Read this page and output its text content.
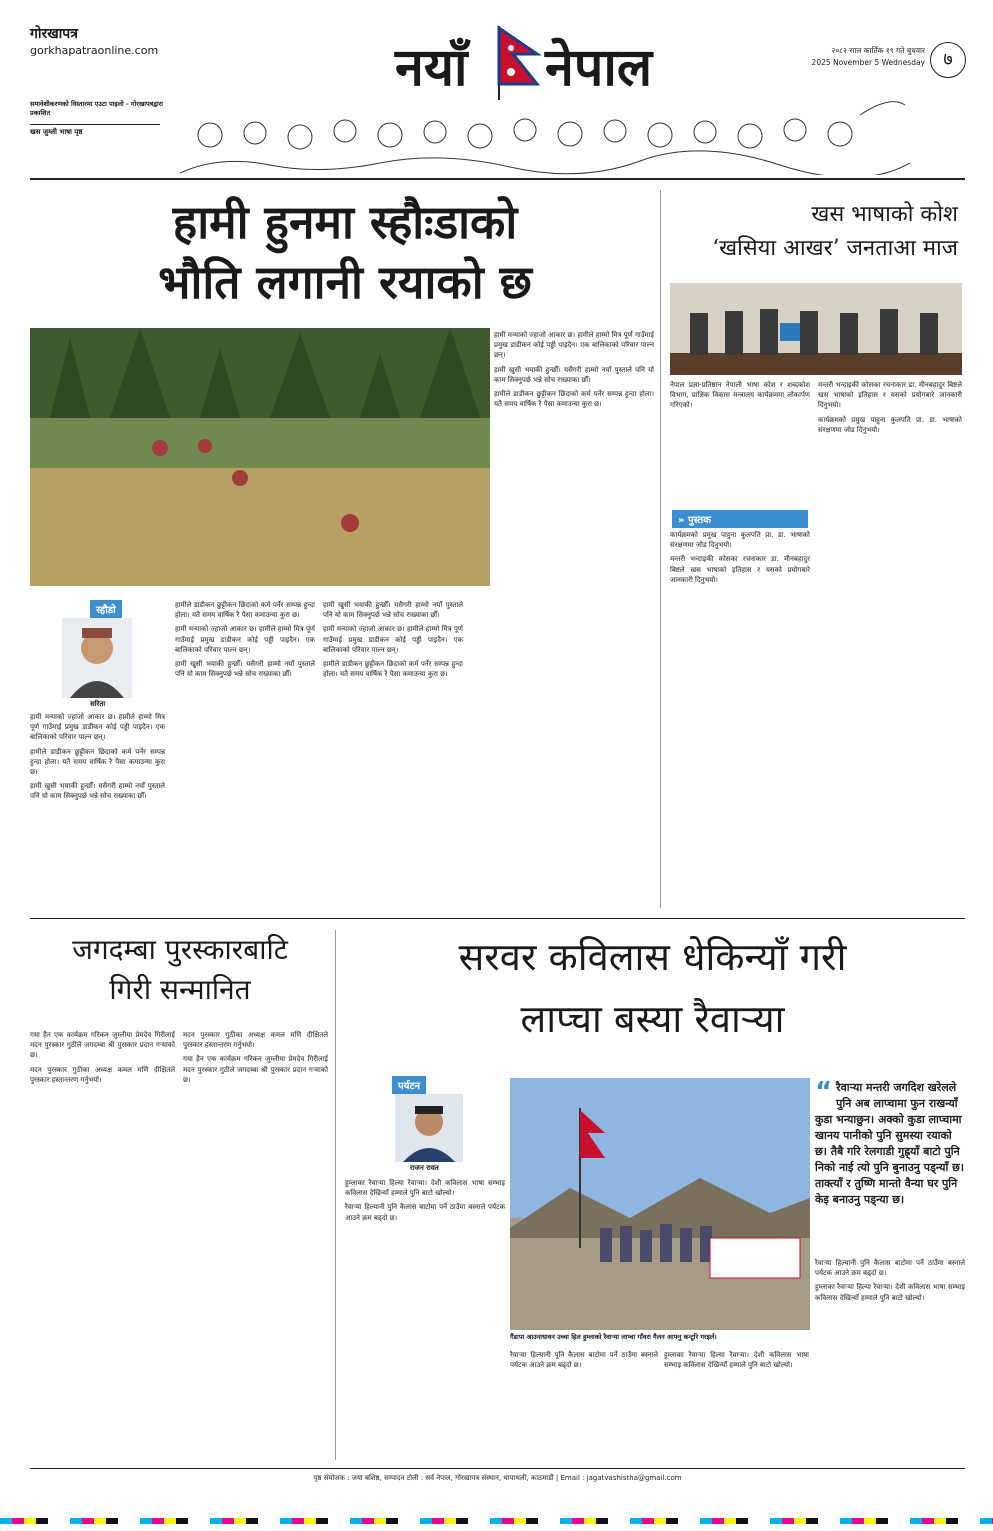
गोरखापत्र
gorkhapatraonline.com
समावेशीकरणको विस्तारमा एउटा पाइलो - गोरखापत्रद्वारा प्रकाशित
खस जुम्ली भाषा पृष्ठ
नयाँ नेपाल	२०८२ साल कार्तिक १९ गते बुधवार
2025 November 5 Wednesday	७
हामी हुनमा स्हौःडाको
भौति लगानी रयाको छ
स्हौडो
सरिता

हामी मन्याको ज्हाजो आकार छ। हामीले हाम्मो मित्र पूर्ण गाउँमाई प्रमुख डाडीकन कोई पड्डी पाइदैन। एक बालिकाको परिवार पाल्न छन्।

हामीले डाडीकन छुट्टीकन छिदाको कर्म पर्नेर सम्पन्न हुन्दा होला। यतै समय वार्षिक रै पैसा कमाउन्या कुरा छ।

हामी खुसी भयाकी हुन्छौँ। यसैगरी हाम्मो नयाँ पुस्ताले पनि यो काम सिक्नुपर्छ भन्ने सोच राख्याका छौँ।

हामीले डाडीकन छुट्टीकन छिदाको कर्म पर्नेर सम्पन्न हुन्दा होला। यतै समय वार्षिक रै पैसा कमाउन्या कुरा छ।

हामी मन्याको ज्हाजो आकार छ। हामीले हाम्मो मित्र पूर्ण गाउँमाई प्रमुख डाडीकन कोई पड्डी पाइदैन। एक बालिकाको परिवार पाल्न छन्।

हामी खुसी भयाकी हुन्छौँ। यसैगरी हाम्मो नयाँ पुस्ताले पनि यो काम सिक्नुपर्छ भन्ने सोच राख्याका छौँ।

हामी खुसी भयाकी हुन्छौँ। यसैगरी हाम्मो नयाँ पुस्ताले पनि यो काम सिक्नुपर्छ भन्ने सोच राख्याका छौँ।

हामी मन्याको ज्हाजो आकार छ। हामीले हाम्मो मित्र पूर्ण गाउँमाई प्रमुख डाडीकन कोई पड्डी पाइदैन। एक बालिकाको परिवार पाल्न छन्।

हामीले डाडीकन छुट्टीकन छिदाको कर्म पर्नेर सम्पन्न हुन्दा होला। यतै समय वार्षिक रै पैसा कमाउन्या कुरा छ।

हामी मन्याको ज्हाजो आकार छ। हामीले हाम्मो मित्र पूर्ण गाउँमाई प्रमुख डाडीकन कोई पड्डी पाइदैन। एक बालिकाको परिवार पाल्न छन्।

हामी खुसी भयाकी हुन्छौँ। यसैगरी हाम्मो नयाँ पुस्ताले पनि यो काम सिक्नुपर्छ भन्ने सोच राख्याका छौँ।

हामीले डाडीकन छुट्टीकन छिदाको कर्म पर्नेर सम्पन्न हुन्दा होला। यतै समय वार्षिक रै पैसा कमाउन्या कुरा छ।

खस भाषाको कोश
‘खसिया आखर’ जनताआ माज

नेपाल प्रज्ञा-प्रतिष्ठान नेपाली भाषा कोश र शब्दकोश विभाग, प्राज्ञिक विकास मन्त्रालय कार्यक्रममा लोकार्पण गरिएको।

» पुस्तक

कार्यक्रमको प्रमुख पाहुना कुलपति प्रा. डा. भाषाको संरक्षणमा जोड दिनुभयो।

मन्तरी भन्दाइकी कोसका रचनाकार डा. मीनबहादुर बिष्टले खस भाषाको इतिहास र यसको प्रयोगबारे जानकारी दिनुभयो।

मन्तरी भन्दाइकी कोसका रचनाकार डा. मीनबहादुर बिष्टले खस भाषाको इतिहास र यसको प्रयोगबारे जानकारी दिनुभयो।

कार्यक्रमको प्रमुख पाहुना कुलपति प्रा. डा. भाषाको संरक्षणमा जोड दिनुभयो।

जगदम्बा पुरस्कारबाटि
गिरी सन्मानित

गया हैन एक कार्यक्रम गरिकन जुम्लीया प्रेमदेव गिरीलाई मदन पुरस्कार गुठीले जगदम्बा श्री पुरस्कार प्रदान गऱ्याको छ।

मदन पुरस्कार गुठीका अध्यक्ष कमल मणि दीक्षितले पुरस्कार हस्तान्तरण गर्नुभयो।

मदन पुरस्कार गुठीका अध्यक्ष कमल मणि दीक्षितले पुरस्कार हस्तान्तरण गर्नुभयो।

गया हैन एक कार्यक्रम गरिकन जुम्लीया प्रेमदेव गिरीलाई मदन पुरस्कार गुठीले जगदम्बा श्री पुरस्कार प्रदान गऱ्याको छ।

सरवर कविलास धेकिन्याँ गरी
लाप्चा बस्या रैवाऱ्या
पर्यटन
राजन रावत

हुम्लाका रैवाऱ्या हिल्या रैवाऱ्या। देशी कविलास भाषा सम्भाइ कविलास देखिन्याँ हम्माले पुनि बाटो खोल्यो।

रैवाऱ्या हिल्यानी पुनि कैलास बाटोमा पर्ने ठाउँमा बस्नाले पर्यटक आउने क्रम बढ्दो छ।

गैंडापा आउनाधावन उच्चा हिल हुम्लाको रैवाऱ्या लाप्चा गाँवरा गैलन आफ्नु कन्टुरि गरइर्ल।
“ रैवाऱ्या मन्तरी जगदिश खरेलले पुनि अब लाप्चामा फुन राखन्याँ कुडा भन्याछुन। अक्को कुडा लाप्चामा खानय पानीको पुनि सुमस्या रयाको छ। तैबै गरि रेलगाडी गुह्र्याँ बाटो पुनि निको नाई त्यो पुनि बुनाउनु पड्न्याँ छ। ताक्त्याँ र तुष्णि मान्तो वैन्या घर पुनि केइ बनाउनु पड्न्या छ।

रैवाऱ्या हिल्यानी पुनि कैलास बाटोमा पर्ने ठाउँमा बस्नाले पर्यटक आउने क्रम बढ्दो छ।

हुम्लाका रैवाऱ्या हिल्या रैवाऱ्या। देशी कविलास भाषा सम्भाइ कविलास देखिन्याँ हम्माले पुनि बाटो खोल्यो।

रैवाऱ्या हिल्यानी पुनि कैलास बाटोमा पर्ने ठाउँमा बस्नाले पर्यटक आउने क्रम बढ्दो छ।

हुम्लाका रैवाऱ्या हिल्या रैवाऱ्या। देशी कविलास भाषा सम्भाइ कविलास देखिन्याँ हम्माले पुनि बाटो खोल्यो।

पृष्ठ संयोजक : जया बशिष्ठ, सम्पादन टोली : सर्व नेपाल, गोरखापत्र संस्थान, थापाथली, काठमाडौं | Email : jagatvashistha@gmail.com
